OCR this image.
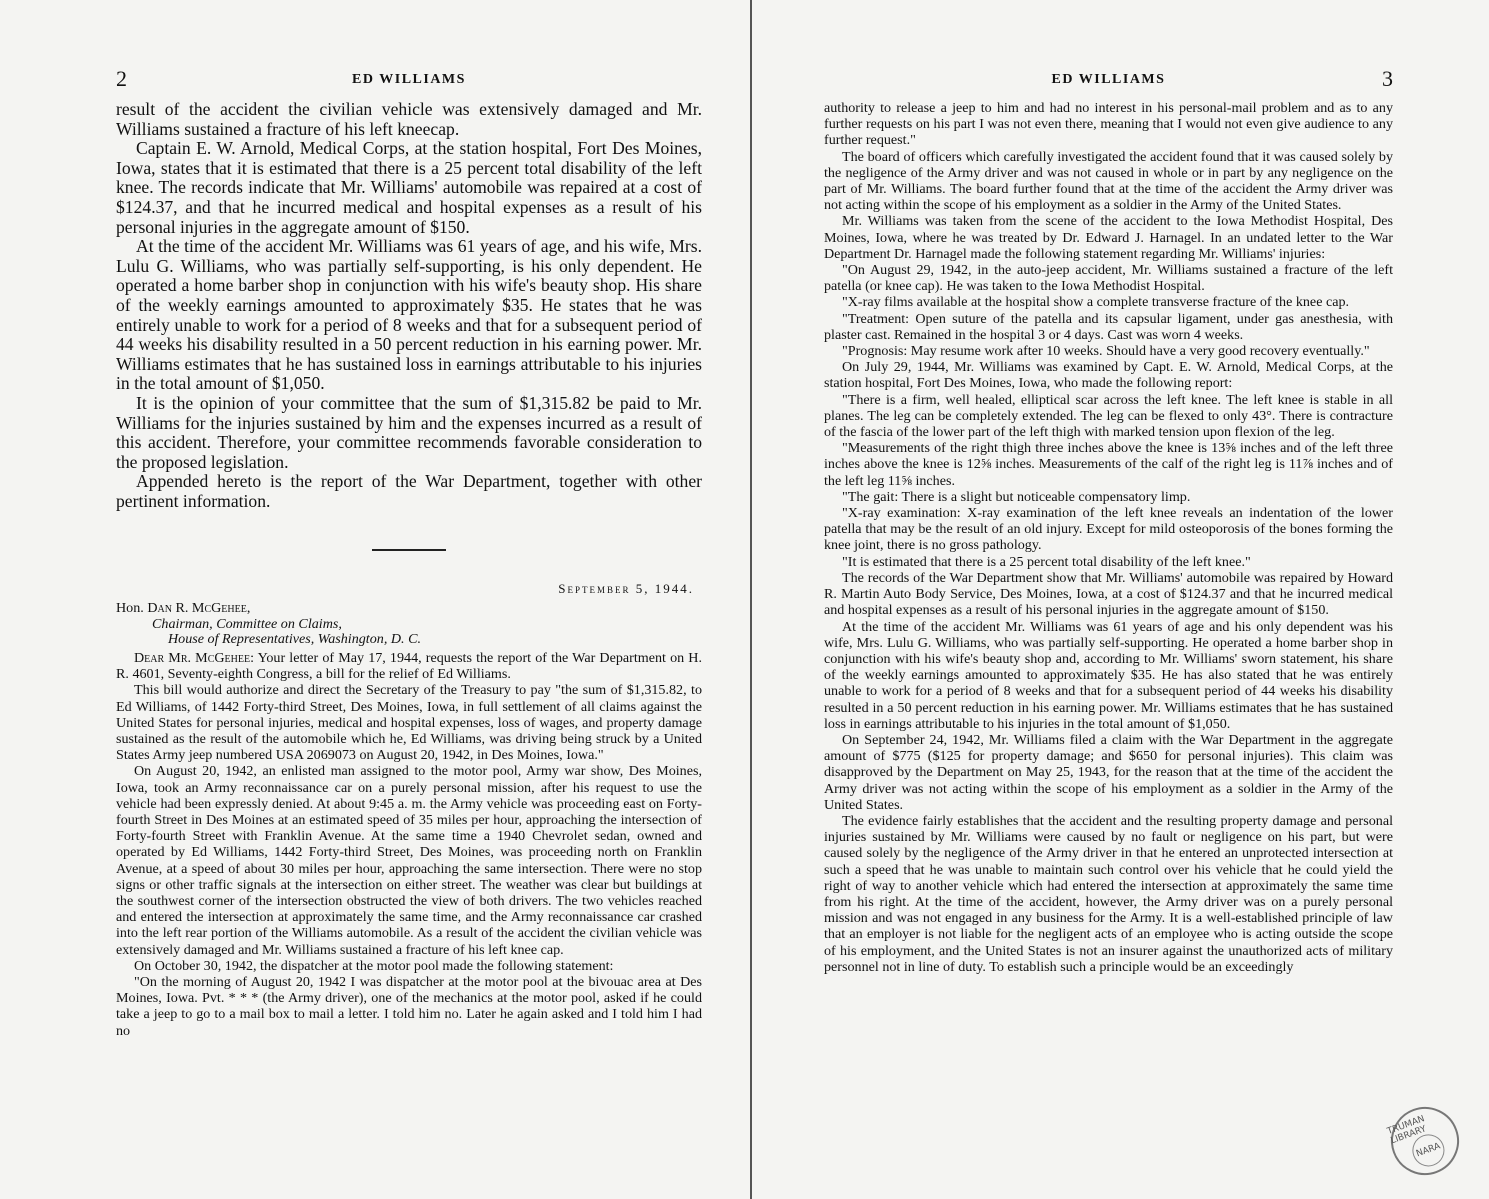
2	ED WILLIAMS

result of the accident the civilian vehicle was extensively damaged and Mr. Williams sustained a fracture of his left kneecap.

Captain E. W. Arnold, Medical Corps, at the station hospital, Fort Des Moines, Iowa, states that it is estimated that there is a 25 percent total disability of the left knee. The records indicate that Mr. Williams' automobile was repaired at a cost of $124.37, and that he incurred medical and hospital expenses as a result of his personal injuries in the aggregate amount of $150.

At the time of the accident Mr. Williams was 61 years of age, and his wife, Mrs. Lulu G. Williams, who was partially self-supporting, is his only dependent. He operated a home barber shop in conjunction with his wife's beauty shop. His share of the weekly earnings amounted to approximately $35. He states that he was entirely unable to work for a period of 8 weeks and that for a subsequent period of 44 weeks his disability resulted in a 50 percent reduction in his earning power. Mr. Williams estimates that he has sustained loss in earnings attributable to his injuries in the total amount of $1,050.

It is the opinion of your committee that the sum of $1,315.82 be paid to Mr. Williams for the injuries sustained by him and the expenses incurred as a result of this accident. Therefore, your committee recommends favorable consideration to the proposed legislation.

Appended hereto is the report of the War Department, together with other pertinent information.

September 5, 1944.
Hon. Dan R. McGehee,
Chairman, Committee on Claims,
House of Representatives, Washington, D. C.

Dear Mr. McGehee: Your letter of May 17, 1944, requests the report of the War Department on H. R. 4601, Seventy-eighth Congress, a bill for the relief of Ed Williams.

This bill would authorize and direct the Secretary of the Treasury to pay "the sum of $1,315.82, to Ed Williams, of 1442 Forty-third Street, Des Moines, Iowa, in full settlement of all claims against the United States for personal injuries, medical and hospital expenses, loss of wages, and property damage sustained as the result of the automobile which he, Ed Williams, was driving being struck by a United States Army jeep numbered USA 2069073 on August 20, 1942, in Des Moines, Iowa."

On August 20, 1942, an enlisted man assigned to the motor pool, Army war show, Des Moines, Iowa, took an Army reconnaissance car on a purely personal mission, after his request to use the vehicle had been expressly denied. At about 9:45 a. m. the Army vehicle was proceeding east on Forty-fourth Street in Des Moines at an estimated speed of 35 miles per hour, approaching the intersection of Forty-fourth Street with Franklin Avenue. At the same time a 1940 Chevrolet sedan, owned and operated by Ed Williams, 1442 Forty-third Street, Des Moines, was proceeding north on Franklin Avenue, at a speed of about 30 miles per hour, approaching the same intersection. There were no stop signs or other traffic signals at the intersection on either street. The weather was clear but buildings at the southwest corner of the intersection obstructed the view of both drivers. The two vehicles reached and entered the intersection at approximately the same time, and the Army reconnaissance car crashed into the left rear portion of the Williams automobile. As a result of the accident the civilian vehicle was extensively damaged and Mr. Williams sustained a fracture of his left knee cap.

On October 30, 1942, the dispatcher at the motor pool made the following statement:

"On the morning of August 20, 1942 I was dispatcher at the motor pool at the bivouac area at Des Moines, Iowa. Pvt. * * * (the Army driver), one of the mechanics at the motor pool, asked if he could take a jeep to go to a mail box to mail a letter. I told him no. Later he again asked and I told him I had no

ED WILLIAMS	3

authority to release a jeep to him and had no interest in his personal-mail problem and as to any further requests on his part I was not even there, meaning that I would not even give audience to any further request."

The board of officers which carefully investigated the accident found that it was caused solely by the negligence of the Army driver and was not caused in whole or in part by any negligence on the part of Mr. Williams. The board further found that at the time of the accident the Army driver was not acting within the scope of his employment as a soldier in the Army of the United States.

Mr. Williams was taken from the scene of the accident to the Iowa Methodist Hospital, Des Moines, Iowa, where he was treated by Dr. Edward J. Harnagel. In an undated letter to the War Department Dr. Harnagel made the following statement regarding Mr. Williams' injuries:

"On August 29, 1942, in the auto-jeep accident, Mr. Williams sustained a fracture of the left patella (or knee cap). He was taken to the Iowa Methodist Hospital.

"X-ray films available at the hospital show a complete transverse fracture of the knee cap.

"Treatment: Open suture of the patella and its capsular ligament, under gas anesthesia, with plaster cast. Remained in the hospital 3 or 4 days. Cast was worn 4 weeks.

"Prognosis: May resume work after 10 weeks. Should have a very good recovery eventually."

On July 29, 1944, Mr. Williams was examined by Capt. E. W. Arnold, Medical Corps, at the station hospital, Fort Des Moines, Iowa, who made the following report:

"There is a firm, well healed, elliptical scar across the left knee. The left knee is stable in all planes. The leg can be completely extended. The leg can be flexed to only 43°. There is contracture of the fascia of the lower part of the left thigh with marked tension upon flexion of the leg.

"Measurements of the right thigh three inches above the knee is 13⅝ inches and of the left three inches above the knee is 12⅝ inches. Measurements of the calf of the right leg is 11⅞ inches and of the left leg 11⅝ inches.

"The gait: There is a slight but noticeable compensatory limp.

"X-ray examination: X-ray examination of the left knee reveals an indentation of the lower patella that may be the result of an old injury. Except for mild osteoporosis of the bones forming the knee joint, there is no gross pathology.

"It is estimated that there is a 25 percent total disability of the left knee."

The records of the War Department show that Mr. Williams' automobile was repaired by Howard R. Martin Auto Body Service, Des Moines, Iowa, at a cost of $124.37 and that he incurred medical and hospital expenses as a result of his personal injuries in the aggregate amount of $150.

At the time of the accident Mr. Williams was 61 years of age and his only dependent was his wife, Mrs. Lulu G. Williams, who was partially self-supporting. He operated a home barber shop in conjunction with his wife's beauty shop and, according to Mr. Williams' sworn statement, his share of the weekly earnings amounted to approximately $35. He has also stated that he was entirely unable to work for a period of 8 weeks and that for a subsequent period of 44 weeks his disability resulted in a 50 percent reduction in his earning power. Mr. Williams estimates that he has sustained loss in earnings attributable to his injuries in the total amount of $1,050.

On September 24, 1942, Mr. Williams filed a claim with the War Department in the aggregate amount of $775 ($125 for property damage; and $650 for personal injuries). This claim was disapproved by the Department on May 25, 1943, for the reason that at the time of the accident the Army driver was not acting within the scope of his employment as a soldier in the Army of the United States.

The evidence fairly establishes that the accident and the resulting property damage and personal injuries sustained by Mr. Williams were caused by no fault or negligence on his part, but were caused solely by the negligence of the Army driver in that he entered an unprotected intersection at such a speed that he was unable to maintain such control over his vehicle that he could yield the right of way to another vehicle which had entered the intersection at approximately the same time from his right. At the time of the accident, however, the Army driver was on a purely personal mission and was not engaged in any business for the Army. It is a well-established principle of law that an employer is not liable for the negligent acts of an employee who is acting outside the scope of his employment, and the United States is not an insurer against the unauthorized acts of military personnel not in line of duty. To establish such a principle would be an exceedingly

TRUMAN LIBRARY
NARA
